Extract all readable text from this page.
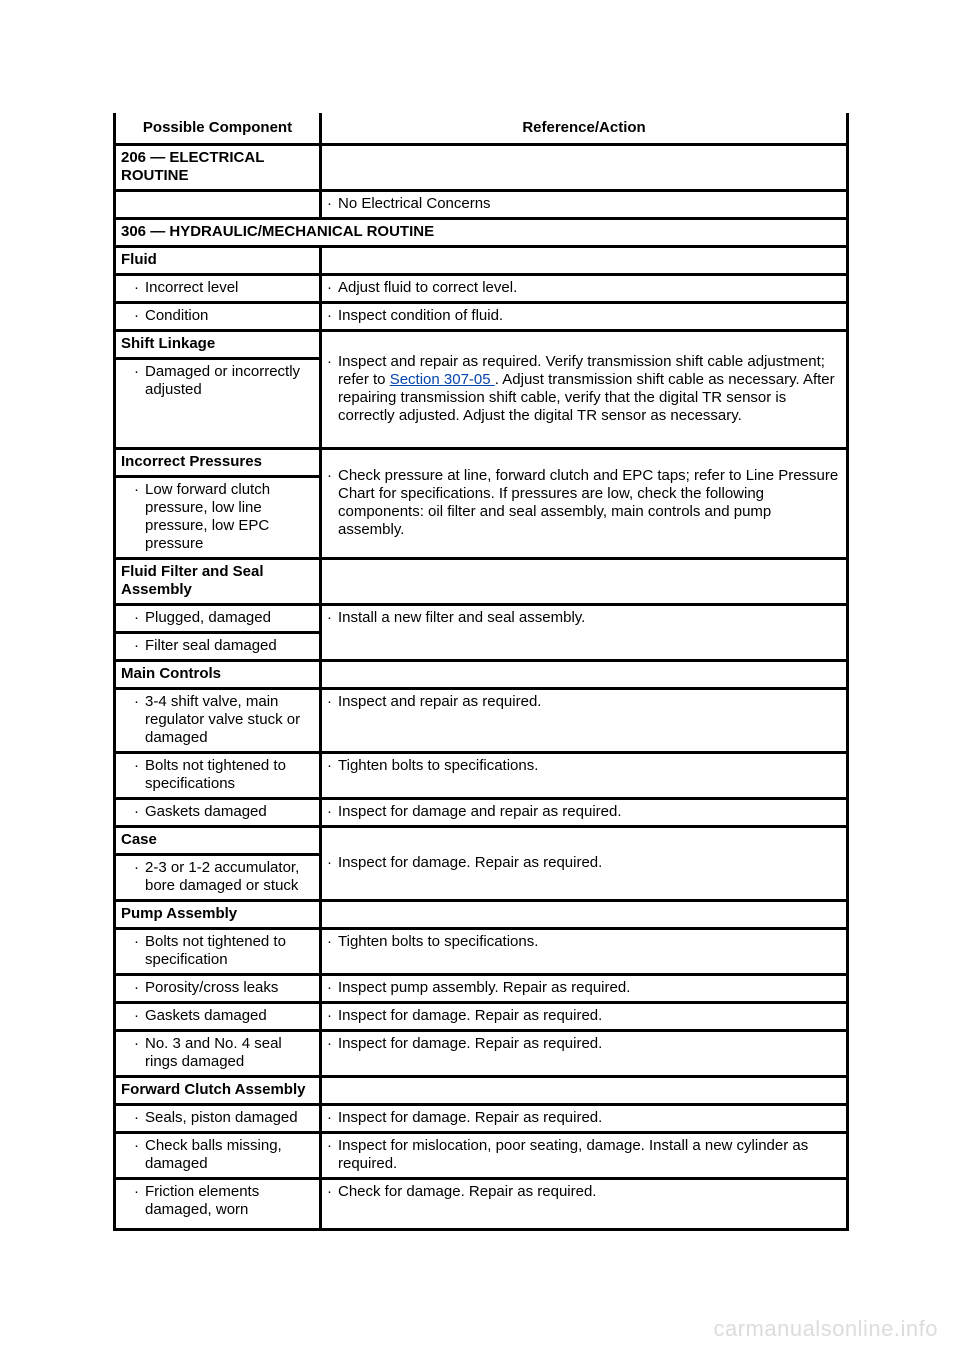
Possible Component	Reference/Action
206 — ELECTRICAL ROUTINE	

	· No Electrical Concerns

306 — HYDRAULIC/MECHANICAL ROUTINE	
Fluid	

· Incorrect level	· Adjust fluid to correct level.

· Condition	· Inspect condition of fluid.

Shift Linkage	· Inspect and repair as required. Verify transmission shift cable adjustment; refer to Section 307-05 . Adjust transmission shift cable as necessary. After repairing transmission shift cable, verify that the digital TR sensor is correctly adjusted. Adjust the digital TR sensor as necessary.

· Damaged or incorrectly adjusted	

Incorrect Pressures	· Check pressure at line, forward clutch and EPC taps; refer to Line Pressure Chart for specifications. If pressures are low, check the following components: oil filter and seal assembly, main controls and pump assembly.

· Low forward clutch pressure, low line pressure, low EPC pressure	

Fluid Filter and Seal Assembly	

· Plugged, damaged	· Install a new filter and seal assembly.

· Filter seal damaged	

Main Controls	

· 3-4 shift valve, main regulator valve stuck or damaged	· Inspect and repair as required.

· Bolts not tightened to specifications	· Tighten bolts to specifications.

· Gaskets damaged	· Inspect for damage and repair as required.

Case	· Inspect for damage. Repair as required.

· 2-3 or 1-2 accumulator, bore damaged or stuck	

Pump Assembly	

· Bolts not tightened to specification	· Tighten bolts to specifications.

· Porosity/cross leaks	· Inspect pump assembly. Repair as required.

· Gaskets damaged	· Inspect for damage. Repair as required.

· No. 3 and No. 4 seal rings damaged	· Inspect for damage. Repair as required.

Forward Clutch Assembly	

· Seals, piston damaged	· Inspect for damage. Repair as required.

· Check balls missing, damaged	· Inspect for mislocation, poor seating, damage. Install a new cylinder as required.

· Friction elements damaged, worn	· Check for damage. Repair as required.
carmanualsonline.info
